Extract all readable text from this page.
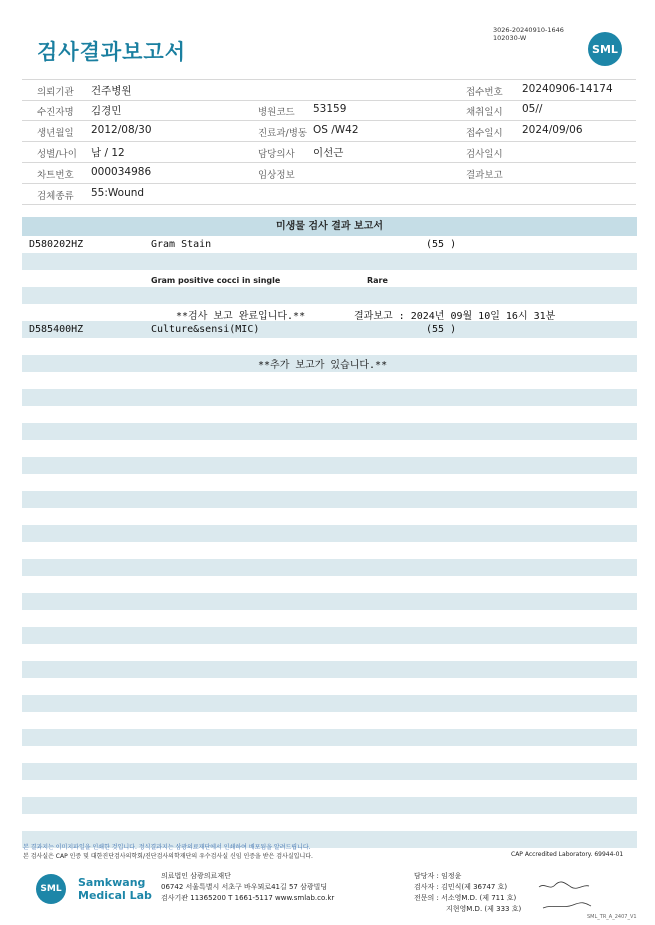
검사결과보고서
3026-20240910-1646
102030-W
SML
의뢰기관 건주병원	접수번호 20240906-14174
수진자명 김경민	병원코드 53159	채취일시 05//
생년월일 2012/08/30	진료과/병동 OS /W42	접수일시 2024/09/06
성별/나이 남 / 12	담당의사 이선근	검사일시
차트번호 000034986	임상정보	결과보고
검체종류 55:Wound
미생물 검사 결과 보고서
D580202HZ	Gram Stain	(55 )
Gram positive cocci in single	Rare
**검사 보고 완료입니다.**	결과보고 : 2024년 09월 10일 16시 31분
D585400HZ	Culture&sensi(MIC)	(55 )
**추가 보고가 있습니다.**
본 결과지는 이미지파일을 인쇄한 것입니다. 정식결과지는 삼광의료재단에서 인쇄하여 배포됨을 알려드립니다.
본 검사실은 CAP 인증 및 대한진단검사의학회/진단검사의학재단의 우수검사실 신임 인증을 받은 검사실입니다.	CAP Accredited Laboratory. 69944-01
SML	Samkwang
Medical Lab
의료법인 삼광의료재단
06742 서울특별시 서초구 바우뫼로41길 57 삼광빌딩
검사기관 11365200 T 1661-5117 www.smlab.co.kr
담당자 : 임정윤
검사자 : 김민식(제 36747 호)
전문의 : 서소영M.D. (제 711 호)
지현영M.D. (제 333 호)
SML_TR_A_2407_V1
